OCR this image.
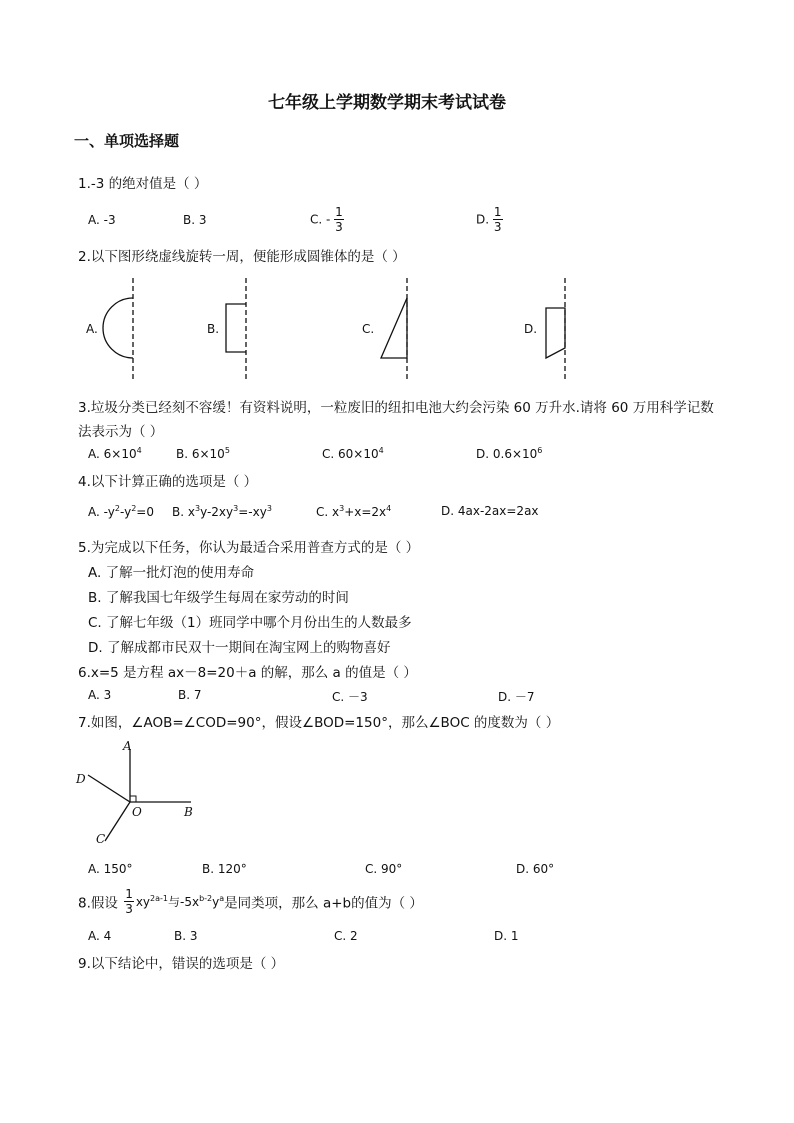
七年级上学期数学期末考试试卷
一、单项选择题
1.-3 的绝对值是（ ）
A. -3	B. 3	C. - $\frac{1}{3}$	D. $\frac{1}{3}$
2.以下图形绕虚线旋转一周，便能形成圆锥体的是（ ）
A.	B.	C.	D.
3.垃圾分类已经刻不容缓！有资料说明，一粒废旧的纽扣电池大约会污染 60 万升水.请将 60 万用科学记数
法表示为（ ）
A. $6\times 10^4$	B. $6\times 10^5$	C. $60\times 10^4$	D. $0.6\times 10^6$
4.以下计算正确的选项是（ ）
A. $-y^2-y^2=0$ B. $x^3y-2xy^3=-xy^3$	C. $x^3+x=2x^4$	D. 4ax-2ax=2ax
5.为完成以下任务，你认为最适合采用普查方式的是（ ）
A. 了解一批灯泡的使用寿命
B. 了解我国七年级学生每周在家劳动的时间
C. 了解七年级（1）班同学中哪个月份出生的人数最多
D. 了解成都市民双十一期间在淘宝网上的购物喜好
6.x=5 是方程 ax－8=20＋a 的解，那么 a 的值是（ ）
A. 3	B. 7	C. －3	D. －7
7.如图，∠AOB=∠COD=90°，假设∠BOD=150°，那么∠BOC 的度数为（ ）
A
B
C
D
O
A. 150°	B. 120°	C. 90°	D. 60°
8.假设 $\frac{1}{3} xy^{2a-1}$与$-5x^{b-2}y^a$是同类项，那么 a+b的值为（ ）
A. 4	B. 3	C. 2	D. 1
9.以下结论中，错误的选项是（ ）
